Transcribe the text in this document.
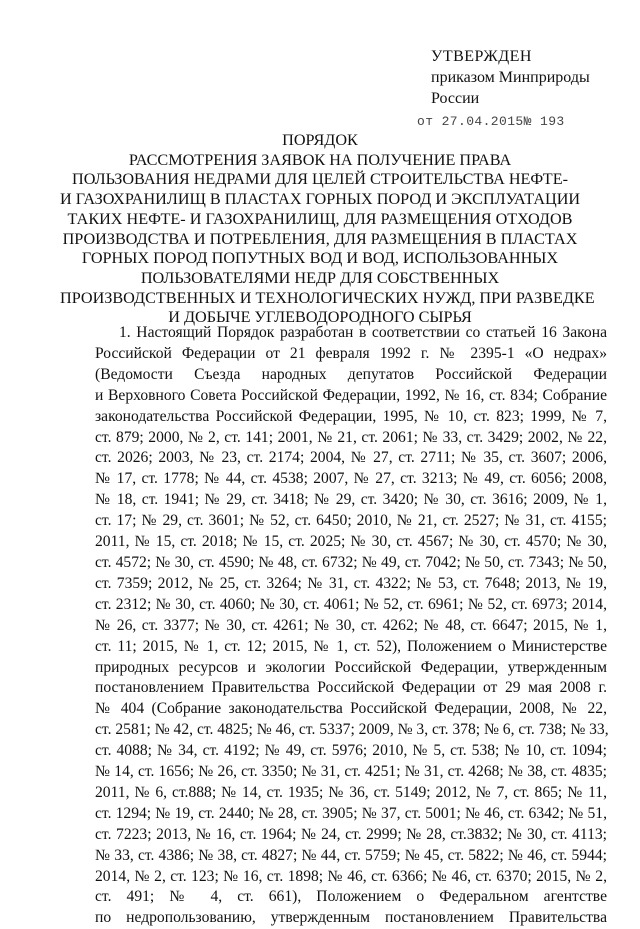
УТВЕРЖДЕН
приказом Минприроды
России
от 27.04.2015№ 193
ПОРЯДОК
РАССМОТРЕНИЯ ЗАЯВОК НА ПОЛУЧЕНИЕ ПРАВА
ПОЛЬЗОВАНИЯ НЕДРАМИ ДЛЯ ЦЕЛЕЙ СТРОИТЕЛЬСТВА НЕФТЕ-
И ГАЗОХРАНИЛИЩ В ПЛАСТАХ ГОРНЫХ ПОРОД И ЭКСПЛУАТАЦИИ
ТАКИХ НЕФТЕ- И ГАЗОХРАНИЛИЩ, ДЛЯ РАЗМЕЩЕНИЯ ОТХОДОВ
ПРОИЗВОДСТВА И ПОТРЕБЛЕНИЯ, ДЛЯ РАЗМЕЩЕНИЯ В ПЛАСТАХ
ГОРНЫХ ПОРОД ПОПУТНЫХ ВОД И ВОД, ИСПОЛЬЗОВАННЫХ
ПОЛЬЗОВАТЕЛЯМИ НЕДР ДЛЯ СОБСТВЕННЫХ
ПРОИЗВОДСТВЕННЫХ И ТЕХНОЛОГИЧЕСКИХ НУЖД, ПРИ РАЗВЕДКЕ
И ДОБЫЧЕ УГЛЕВОДОРОДНОГО СЫРЬЯ
1. Настоящий Порядок разработан в соответствии со статьей 16 Закона
Российской Федерации от 21 февраля 1992 г. № 2395-1 «О недрах»
(Ведомости Съезда народных депутатов Российской Федерации
и Верховного Совета Российской Федерации, 1992, № 16, ст. 834; Собрание
законодательства Российской Федерации, 1995, № 10, ст. 823; 1999, № 7,
ст. 879; 2000, № 2, ст. 141; 2001, № 21, ст. 2061; № 33, ст. 3429; 2002, № 22,
ст. 2026; 2003, № 23, ст. 2174; 2004, № 27, ст. 2711; № 35, ст. 3607; 2006,
№ 17, ст. 1778; № 44, ст. 4538; 2007, № 27, ст. 3213; № 49, ст. 6056; 2008,
№ 18, ст. 1941; № 29, ст. 3418; № 29, ст. 3420; № 30, ст. 3616; 2009, № 1,
ст. 17; № 29, ст. 3601; № 52, ст. 6450; 2010, № 21, ст. 2527; № 31, ст. 4155;
2011, № 15, ст. 2018; № 15, ст. 2025; № 30, ст. 4567; № 30, ст. 4570; № 30,
ст. 4572; № 30, ст. 4590; № 48, ст. 6732; № 49, ст. 7042; № 50, ст. 7343; № 50,
ст. 7359; 2012, № 25, ст. 3264; № 31, ст. 4322; № 53, ст. 7648; 2013, № 19,
ст. 2312; № 30, ст. 4060; № 30, ст. 4061; № 52, ст. 6961; № 52, ст. 6973; 2014,
№ 26, ст. 3377; № 30, ст. 4261; № 30, ст. 4262; № 48, ст. 6647; 2015, № 1,
ст. 11; 2015, № 1, ст. 12; 2015, № 1, ст. 52), Положением о Министерстве
природных ресурсов и экологии Российской Федерации, утвержденным
постановлением Правительства Российской Федерации от 29 мая 2008 г.
№ 404 (Собрание законодательства Российской Федерации, 2008, № 22,
ст. 2581; № 42, ст. 4825; № 46, ст. 5337; 2009, № 3, ст. 378; № 6, ст. 738; № 33,
ст. 4088; № 34, ст. 4192; № 49, ст. 5976; 2010, № 5, ст. 538; № 10, ст. 1094;
№ 14, ст. 1656; № 26, ст. 3350; № 31, ст. 4251; № 31, ст. 4268; № 38, ст. 4835;
2011, № 6, ст.888; № 14, ст. 1935; № 36, ст. 5149; 2012, № 7, ст. 865; № 11,
ст. 1294; № 19, ст. 2440; № 28, ст. 3905; № 37, ст. 5001; № 46, ст. 6342; № 51,
ст. 7223; 2013, № 16, ст. 1964; № 24, ст. 2999; № 28, ст.3832; № 30, ст. 4113;
№ 33, ст. 4386; № 38, ст. 4827; № 44, ст. 5759; № 45, ст. 5822; № 46, ст. 5944;
2014, № 2, ст. 123; № 16, ст. 1898; № 46, ст. 6366; № 46, ст. 6370; 2015, № 2,
ст. 491; № 4, ст. 661), Положением о Федеральном агентстве
по недропользованию, утвержденным постановлением Правительства
